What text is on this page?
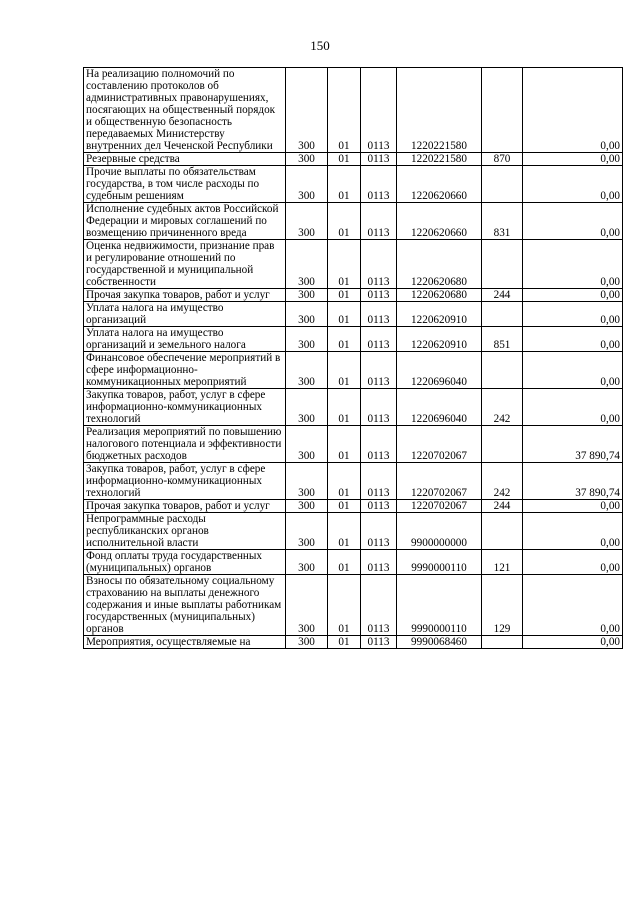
150
На реализацию полномочий по составлению протоколов об административных правонарушениях, посягающих на общественный порядок и общественную безопасность передаваемых Министерству внутренних дел Чеченской Республики	300	01	0113	1220221580		0,00
Резервные средства	300	01	0113	1220221580	870	0,00
Прочие выплаты по обязательствам государства, в том числе расходы по судебным решениям	300	01	0113	1220620660		0,00
Исполнение судебных актов Российской Федерации и мировых соглашений по возмещению причиненного вреда	300	01	0113	1220620660	831	0,00
Оценка недвижимости, признание прав и регулирование отношений по государственной и муниципальной собственности	300	01	0113	1220620680		0,00
Прочая закупка товаров, работ и услуг	300	01	0113	1220620680	244	0,00
Уплата налога на имущество организаций	300	01	0113	1220620910		0,00
Уплата налога на имущество организаций и земельного налога	300	01	0113	1220620910	851	0,00
Финансовое обеспечение мероприятий в сфере информационно-коммуникационных мероприятий	300	01	0113	1220696040		0,00
Закупка товаров, работ, услуг в сфере информационно-коммуникационных технологий	300	01	0113	1220696040	242	0,00
Реализация мероприятий по повышению налогового потенциала и эффективности бюджетных расходов	300	01	0113	1220702067		37 890,74
Закупка товаров, работ, услуг в сфере информационно-коммуникационных технологий	300	01	0113	1220702067	242	37 890,74
Прочая закупка товаров, работ и услуг	300	01	0113	1220702067	244	0,00
Непрограммные расходы республиканских органов исполнительной власти	300	01	0113	9900000000		0,00
Фонд оплаты труда государственных (муниципальных) органов	300	01	0113	9990000110	121	0,00
Взносы по обязательному социальному страхованию на выплаты денежного содержания и иные выплаты работникам государственных (муниципальных) органов	300	01	0113	9990000110	129	0,00
Мероприятия, осуществляемые на	300	01	0113	9990068460		0,00
